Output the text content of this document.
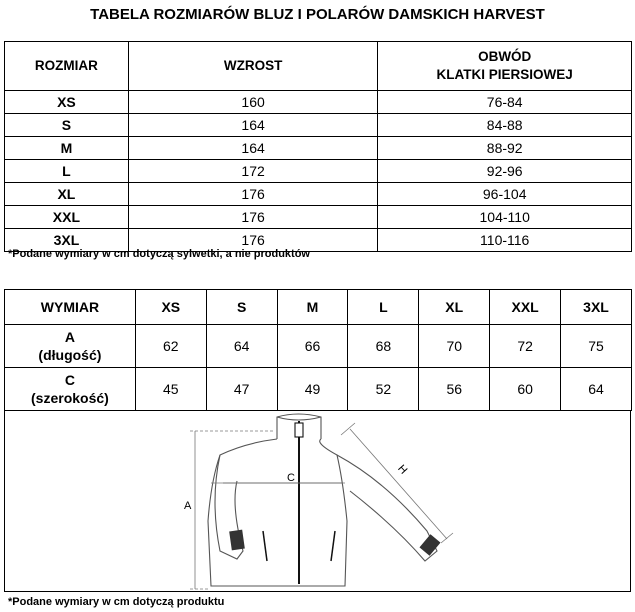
TABELA ROZMIARÓW BLUZ I POLARÓW DAMSKICH HARVEST
ROZMIAR	WZROST	OBWÓD
KLATKI PIERSIOWEJ

XS	160	76-84
S	164	84-88
M	164	88-92
L	172	92-96
XL	176	96-104
XXL	176	104-110
3XL	176	110-116
*Podane wymiary w cm dotyczą sylwetki, a nie produktów
WYMIAR	XS	S	M	L	XL	XXL	3XL

A
(długość)	62	64	66	68	70	72	75

C
(szerokość)	45	47	49	52	56	60	64
A
C
H
*Podane wymiary w cm dotyczą produktu
